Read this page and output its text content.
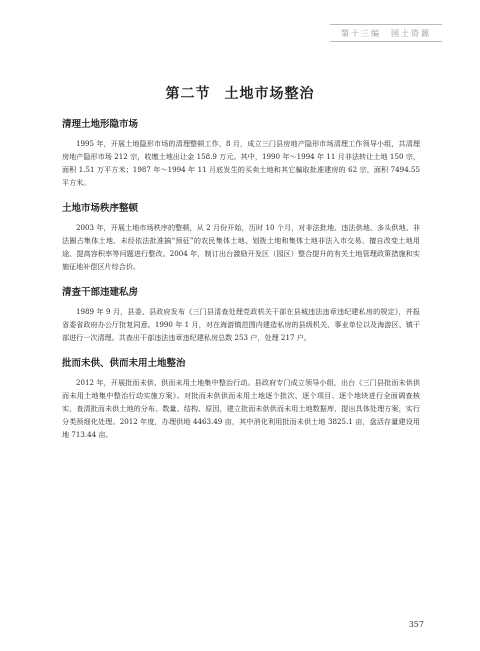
第十三编　国土资源
第二节 土地市场整治
清理土地形隐市场

1995 年，开展土地隐形市场的清理整顿工作，8 月，成立三门县房地产隐形市场清理工作领导小组，共清理房地产隐形市场 212 宗，收缴土地出让金 158.9 万元。其中，1990 年～1994 年 11 月非法转让土地 150 宗，面积 1.51 万平方米；1987 年～1994 年 11 月底发生的买卖土地和其它骗取批准建房的 62 宗，面积 7494.55 平方米。

土地市场秩序整顿

2003 年，开展土地市场秩序的整顿，从 2 月份开始，历时 10 个月，对非法批地、违法供地、多头供地、非法圈占集体土地、未经依法批准搞“预征”的农民集体土地、划拨土地和集体土地非法入市交易、擅自改变土地用途、提高容积率等问题进行整改。2004 年，制订出台激励开发区（园区）整合提升的有关土地管理政策措施和实施征地补偿区片综合价。

清查干部违建私房

1989 年 9 月，县委、县政府发布《三门县清查处理党政机关干部在县城违法违章违纪建私房的规定》，并报省委省政府办公厅批复同意。1990 年 1 月，对在海游镇范围内建造私房的县级机关、事业单位以及海游区、镇干部进行一次清理。共查出干部违法违章违纪建私房总数 253 户，处理 217 户。

批而未供、供而未用土地整治

2012 年，开展批而未供、供而未用土地集中整治行动。县政府专门成立领导小组，出台《三门县批而未供供而未用土地集中整治行动实施方案》。对批而未供供而未用土地逐个批次、逐个项目、逐个地块进行全面调查核实，查清批而未供土地的分布、数量、结构、原因，建立批而未供供而未用土地数据库，提出具体处理方案，实行分类预细化处理。2012 年度，办理供地 4463.49 亩，其中消化利用批而未供土地 3825.1 亩，盘活存量建设用地 713.44 亩。

357
